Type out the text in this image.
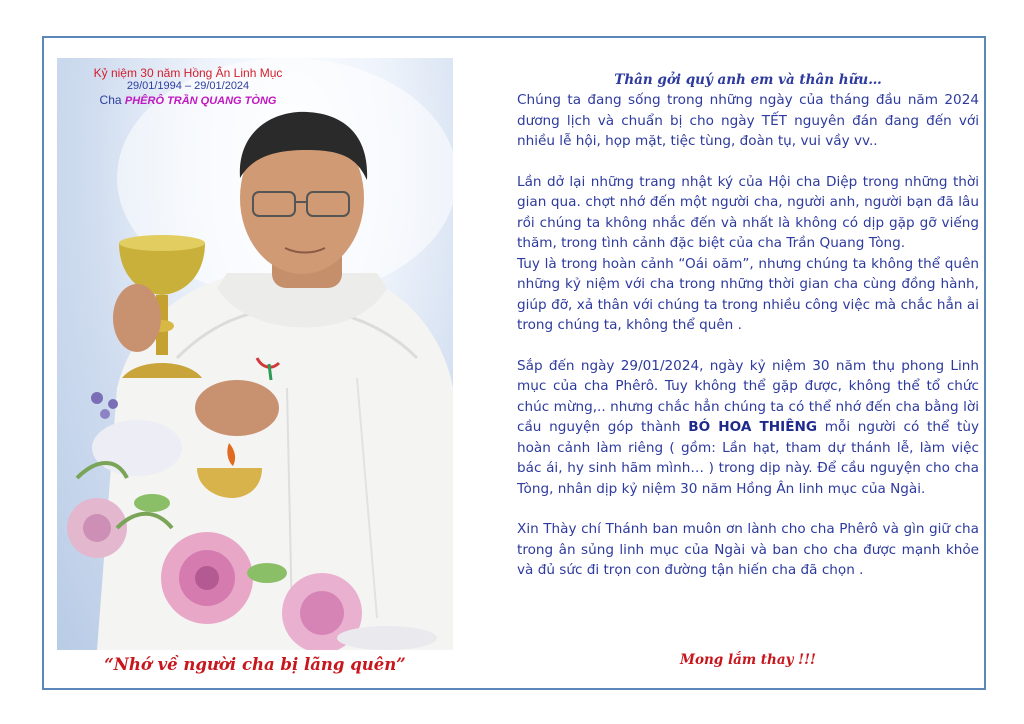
Kỷ niệm 30 năm Hồng Ân Linh Mục
29/01/1994 – 29/01/2024
Cha PHÊRÔ TRẦN QUANG TÒNG
“Nhớ về người cha bị lãng quên”
Thân gởi quý anh em và thân hữu…

Chúng ta đang sống trong những ngày của tháng đầu năm 2024 dương lịch và chuẩn bị cho ngày TẾT nguyên đán đang đến với nhiều lễ hội, họp mặt, tiệc tùng, đoàn tụ, vui vầy vv..

Lần dở lại những trang nhật ký của Hội cha Diệp trong những thời gian qua. chợt nhớ đến một người cha, người anh, người bạn đã lâu rồi chúng ta không nhắc đến và nhất là không có dịp gặp gỡ viếng thăm, trong tình cảnh đặc biệt của cha Trần Quang Tòng.

Tuy là trong hoàn cảnh “Oái oăm”, nhưng chúng ta không thể quên những kỷ niệm với cha trong những thời gian cha cùng đồng hành, giúp đỡ, xả thân với chúng ta trong nhiều công việc mà chắc hẳn ai trong chúng ta, không thể quên .

Sắp đến ngày 29/01/2024, ngày kỷ niệm 30 năm thụ phong Linh mục của cha Phêrô. Tuy không thể gặp được, không thể tổ chức chúc mừng,.. nhưng chắc hẳn chúng ta có thể nhớ đến cha bằng lời cầu nguyện góp thành BÓ HOA THIÊNG mỗi người có thể tùy hoàn cảnh làm riêng ( gồm: Lần hạt, tham dự thánh lễ, làm việc bác ái, hy sinh hãm mình… ) trong dịp này. Để cầu nguyện cho cha Tòng, nhân dịp kỷ niệm 30 năm Hồng Ân linh mục của Ngài.

Xin Thày chí Thánh ban muôn ơn lành cho cha Phêrô và gìn giữ cha trong ân sủng linh mục của Ngài và ban cho cha được mạnh khỏe và đủ sức đi trọn con đường tận hiến cha đã chọn .

Mong lắm thay !!!
